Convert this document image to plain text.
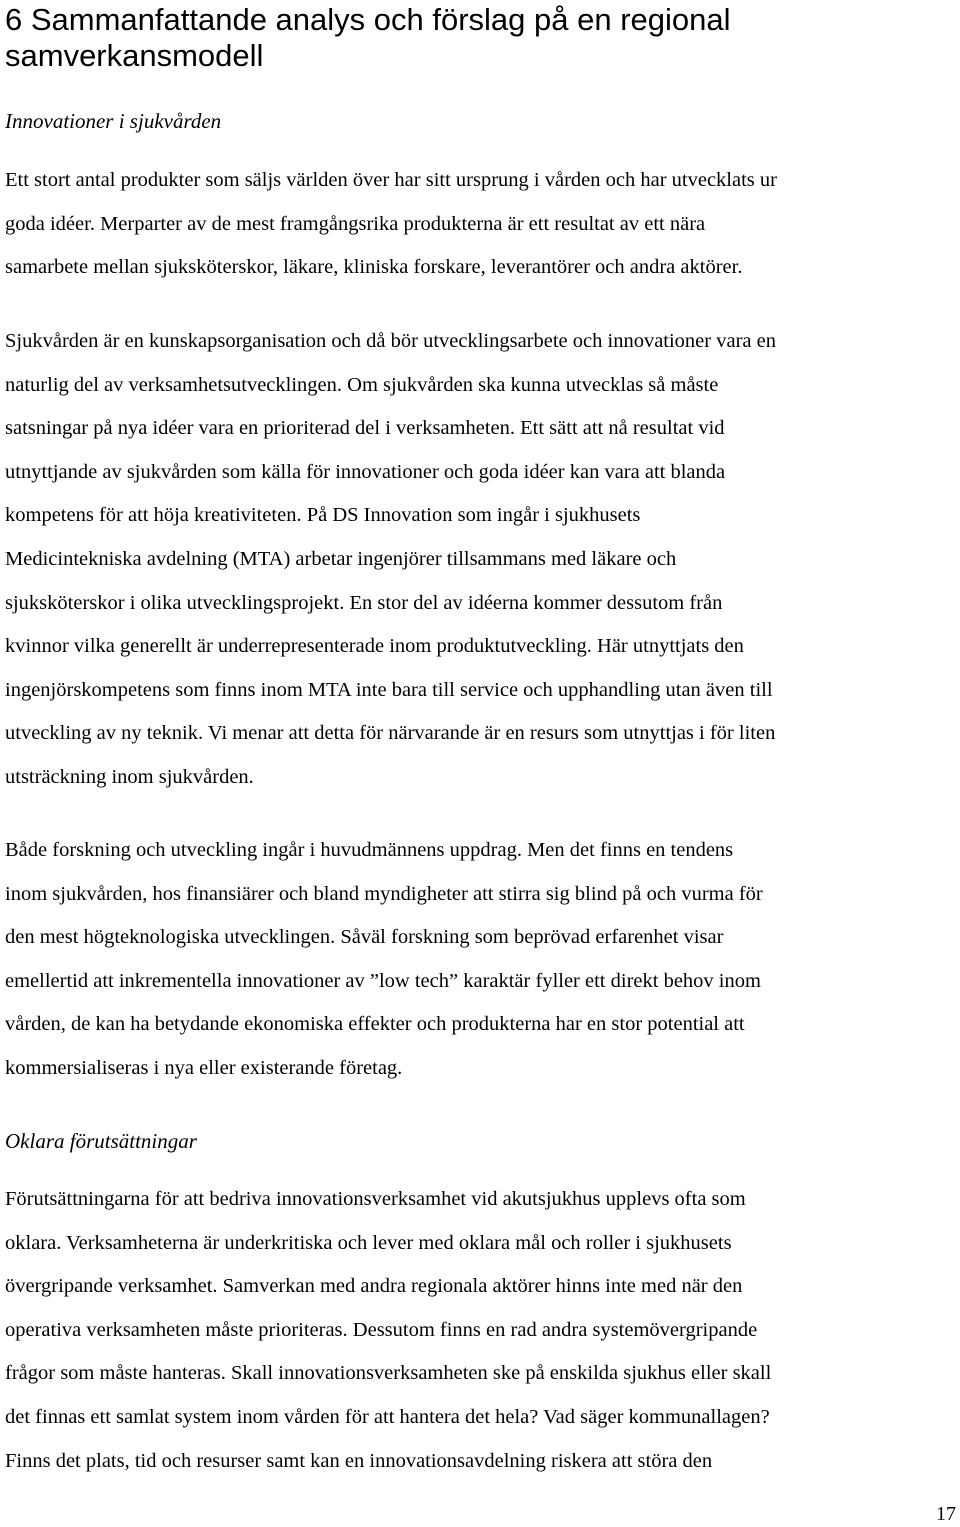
6 Sammanfattande analys och förslag på en regional
samverkansmodell
Innovationer i sjukvården

Ett stort antal produkter som säljs världen över har sitt ursprung i vården och har utvecklats ur
goda idéer. Merparter av de mest framgångsrika produkterna är ett resultat av ett nära
samarbete mellan sjuksköterskor, läkare, kliniska forskare, leverantörer och andra aktörer.

Sjukvården är en kunskapsorganisation och då bör utvecklingsarbete och innovationer vara en
naturlig del av verksamhetsutvecklingen. Om sjukvården ska kunna utvecklas så måste
satsningar på nya idéer vara en prioriterad del i verksamheten. Ett sätt att nå resultat vid
utnyttjande av sjukvården som källa för innovationer och goda idéer kan vara att blanda
kompetens för att höja kreativiteten. På DS Innovation som ingår i sjukhusets
Medicintekniska avdelning (MTA) arbetar ingenjörer tillsammans med läkare och
sjuksköterskor i olika utvecklingsprojekt. En stor del av idéerna kommer dessutom från
kvinnor vilka generellt är underrepresenterade inom produktutveckling. Här utnyttjats den
ingenjörskompetens som finns inom MTA inte bara till service och upphandling utan även till
utveckling av ny teknik. Vi menar att detta för närvarande är en resurs som utnyttjas i för liten
utsträckning inom sjukvården.

Både forskning och utveckling ingår i huvudmännens uppdrag. Men det finns en tendens
inom sjukvården, hos finansiärer och bland myndigheter att stirra sig blind på och vurma för
den mest högteknologiska utvecklingen. Såväl forskning som beprövad erfarenhet visar
emellertid att inkrementella innovationer av ”low tech” karaktär fyller ett direkt behov inom
vården, de kan ha betydande ekonomiska effekter och produkterna har en stor potential att
kommersialiseras i nya eller existerande företag.

Oklara förutsättningar

Förutsättningarna för att bedriva innovationsverksamhet vid akutsjukhus upplevs ofta som
oklara. Verksamheterna är underkritiska och lever med oklara mål och roller i sjukhusets
övergripande verksamhet. Samverkan med andra regionala aktörer hinns inte med när den
operativa verksamheten måste prioriteras. Dessutom finns en rad andra systemövergripande
frågor som måste hanteras. Skall innovationsverksamheten ske på enskilda sjukhus eller skall
det finnas ett samlat system inom vården för att hantera det hela? Vad säger kommunallagen?
Finns det plats, tid och resurser samt kan en innovationsavdelning riskera att störa den

17
